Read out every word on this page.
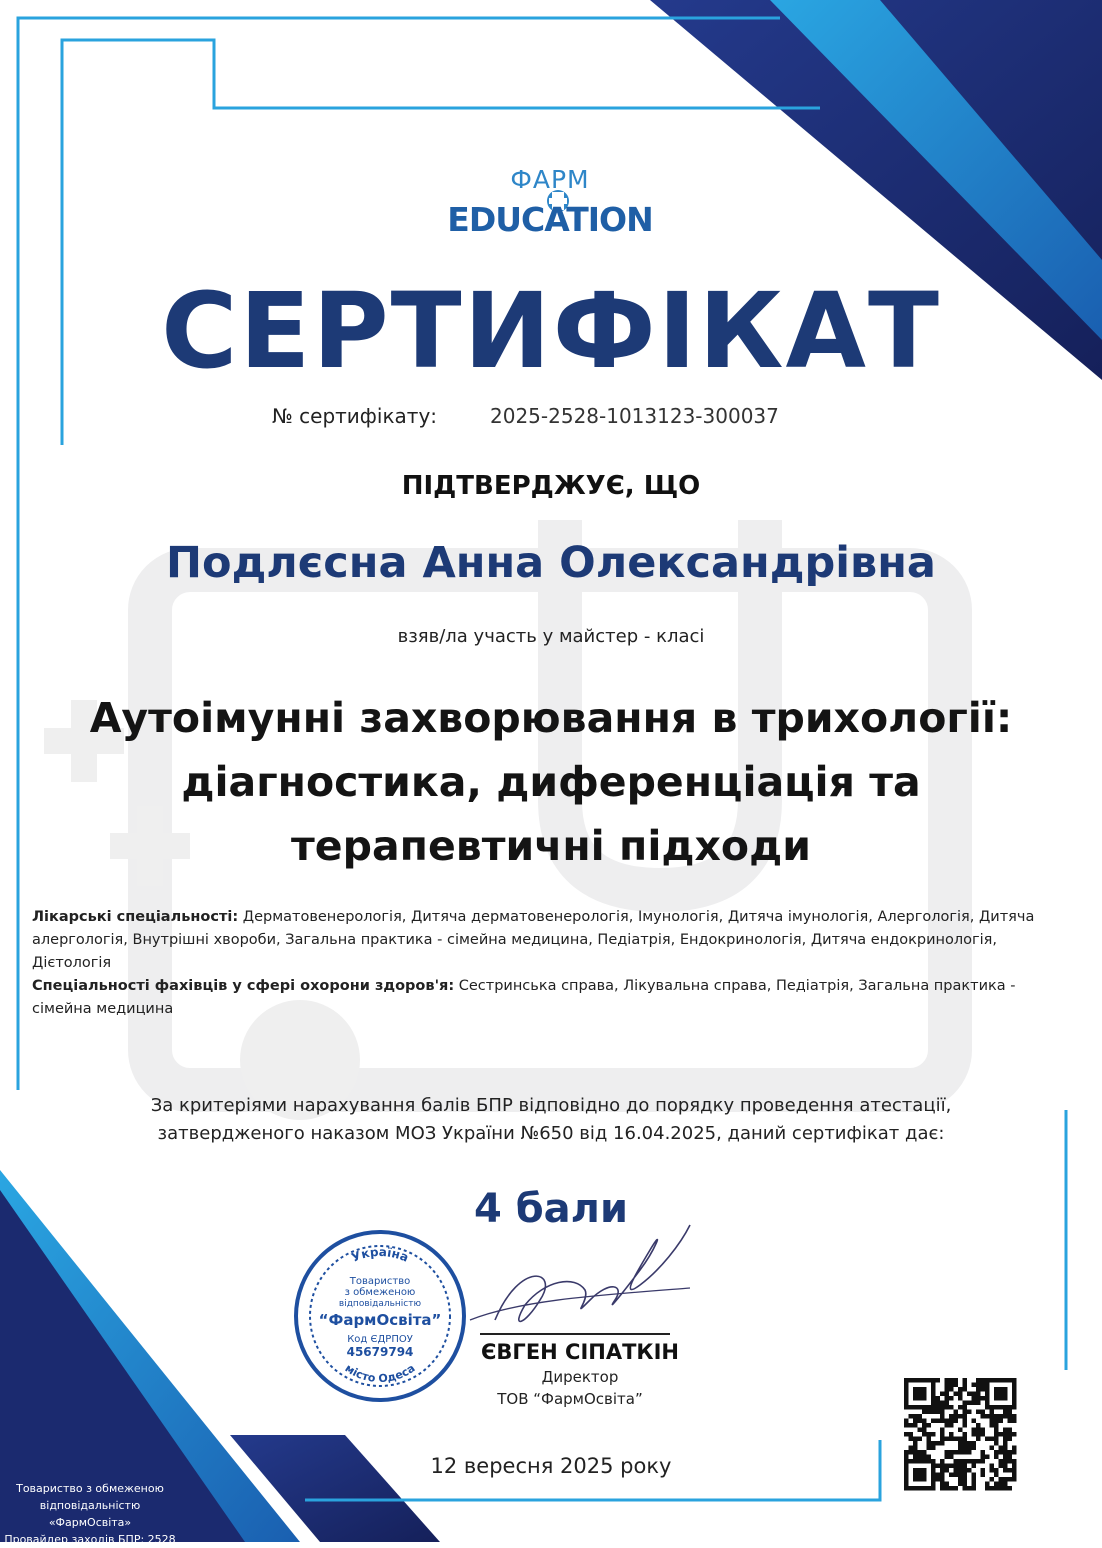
ФАРМ
EDUCATION
СЕРТИФІКАТ
№ сертифікату:	2025-2528-1013123-300037
ПІДТВЕРДЖУЄ, ЩО
Подлєсна Анна Олександрівна
взяв/ла участь у майстер - класі
Аутоімунні захворювання в трихології:
діагностика, диференціація та
терапевтичні підходи
Лікарські спеціальності: Дерматовенерологія, Дитяча дерматовенерологія, Імунологія, Дитяча імунологія, Алергологія, Дитяча алергологія, Внутрішні хвороби, Загальна практика - сімейна медицина, Педіатрія, Ендокринологія, Дитяча ендокринологія, Дієтологія
Спеціальності фахівців у сфері охорони здоров'я: Сестринська справа, Лікувальна справа, Педіатрія, Загальна практика - сімейна медицина
За критеріями нарахування балів БПР відповідно до порядку проведення атестації,
затвердженого наказом МОЗ України №650 від 16.04.2025, даний сертифікат дає:
4 бали
Україна
місто Одеса
Товариство
з обмеженою
відповідальністю
“ФармОсвіта”
Код ЄДРПОУ
45679794	ЄВГЕН СІПАТКІН
Директор
ТОВ “ФармОсвіта”
12 вересня 2025 року
Товариство з обмеженою
відповідальністю
«ФармОсвіта»
Провайдер заходів БПР: 2528
